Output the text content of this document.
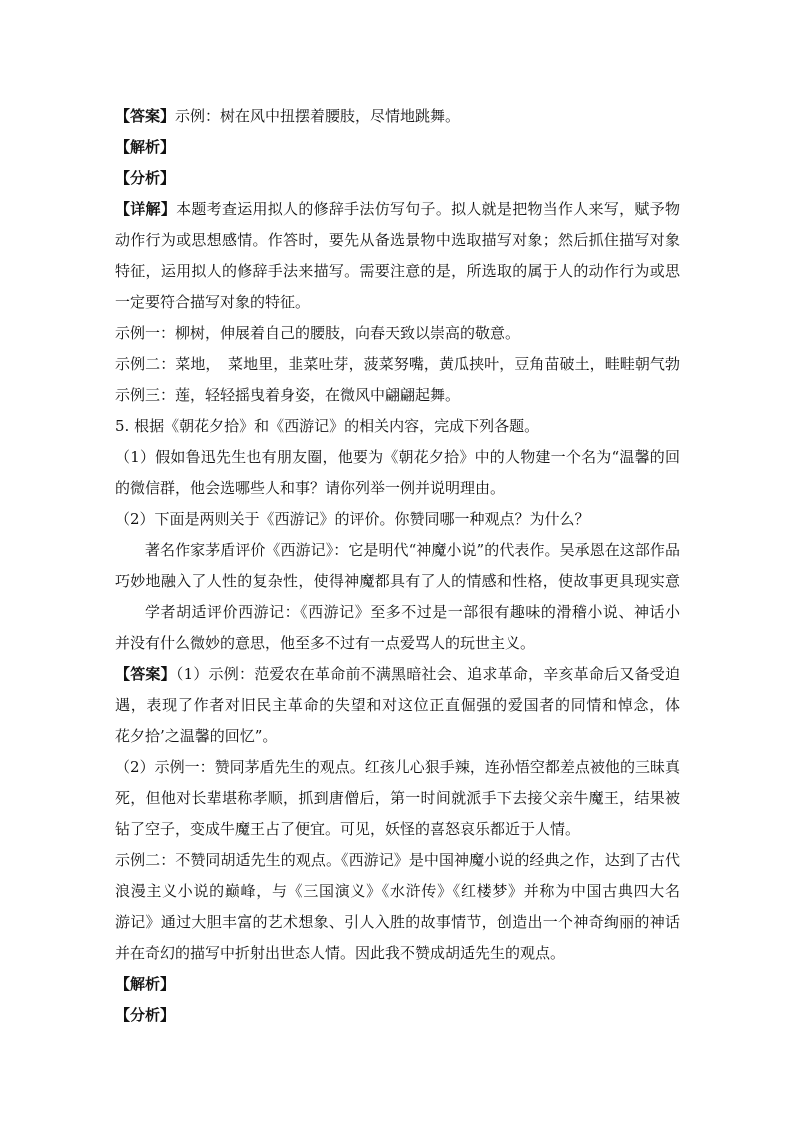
【答案】示例：树在风中扭摆着腰肢，尽情地跳舞。
【解析】
【分析】
【详解】本题考查运用拟人的修辞手法仿写句子。拟人就是把物当作人来写，赋予物
动作行为或思想感情。作答时，要先从备选景物中选取描写对象；然后抓住描写对象
特征，运用拟人的修辞手法来描写。需要注意的是，所选取的属于人的动作行为或思
一定要符合描写对象的特征。
示例一：柳树，伸展着自己的腰肢，向春天致以崇高的敬意。
示例二：菜地，　菜地里，韭菜吐芽，菠菜努嘴，黄瓜挟叶，豆角苗破土，畦畦朝气勃
示例三：莲，轻轻摇曳着身姿，在微风中翩翩起舞。
5. 根据《朝花夕拾》和《西游记》的相关内容，完成下列各题。
（1）假如鲁迅先生也有朋友圈，他要为《朝花夕拾》中的人物建一个名为“温馨的回
的微信群，他会选哪些人和事？请你列举一例并说明理由。
（2）下面是两则关于《西游记》的评价。你赞同哪一种观点？为什么？
著名作家茅盾评价《西游记》：它是明代“神魔小说”的代表作。吴承恩在这部作品
巧妙地融入了人性的复杂性，使得神魔都具有了人的情感和性格，使故事更具现实意
学者胡适评价西游记：《西游记》至多不过是一部很有趣味的滑稽小说、神话小
并没有什么微妙的意思，他至多不过有一点爱骂人的玩世主义。
【答案】（1）示例：范爱农在革命前不满黑暗社会、追求革命，辛亥革命后又备受迫
遇，表现了作者对旧民主革命的失望和对这位正直倔强的爱国者的同情和悼念，体
花夕拾’之温馨的回忆”。
（2）示例一：赞同茅盾先生的观点。红孩儿心狠手辣，连孙悟空都差点被他的三昧真
死，但他对长辈堪称孝顺，抓到唐僧后，第一时间就派手下去接父亲牛魔王，结果被
钻了空子，变成牛魔王占了便宜。可见，妖怪的喜怒哀乐都近于人情。
示例二：不赞同胡适先生的观点。《西游记》是中国神魔小说的经典之作，达到了古代
浪漫主义小说的巅峰，与《三国演义》《水浒传》《红楼梦》并称为中国古典四大名
游记》通过大胆丰富的艺术想象、引人入胜的故事情节，创造出一个神奇绚丽的神话
并在奇幻的描写中折射出世态人情。因此我不赞成胡适先生的观点。
【解析】
【分析】
